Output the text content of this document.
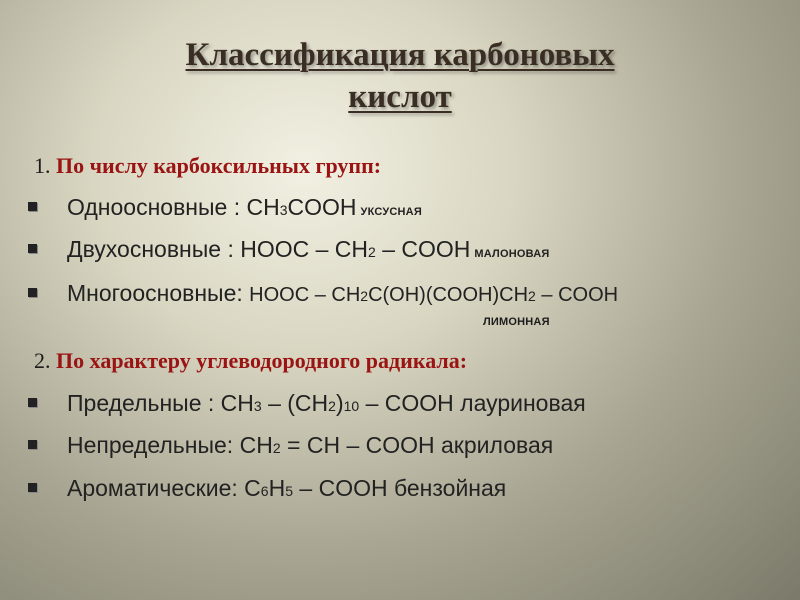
Классификация карбоновых
кислот
1. По числу карбоксильных групп:
Одноосновные : CH3COOH УКСУСНАЯ
Двухосновные : HOOC – CH2 – COOH МАЛОНОВАЯ
Многоосновные: HOOC – CH2C(OH)(COOH)CH2 – COOH
ЛИМОННАЯ
2. По характеру углеводородного радикала:
Предельные : CH3 – (CH2)10 – COOH лауриновая
Непредельные: CH2 = CH – COOH акриловая
Ароматические: C6H5 – COOH бензойная
